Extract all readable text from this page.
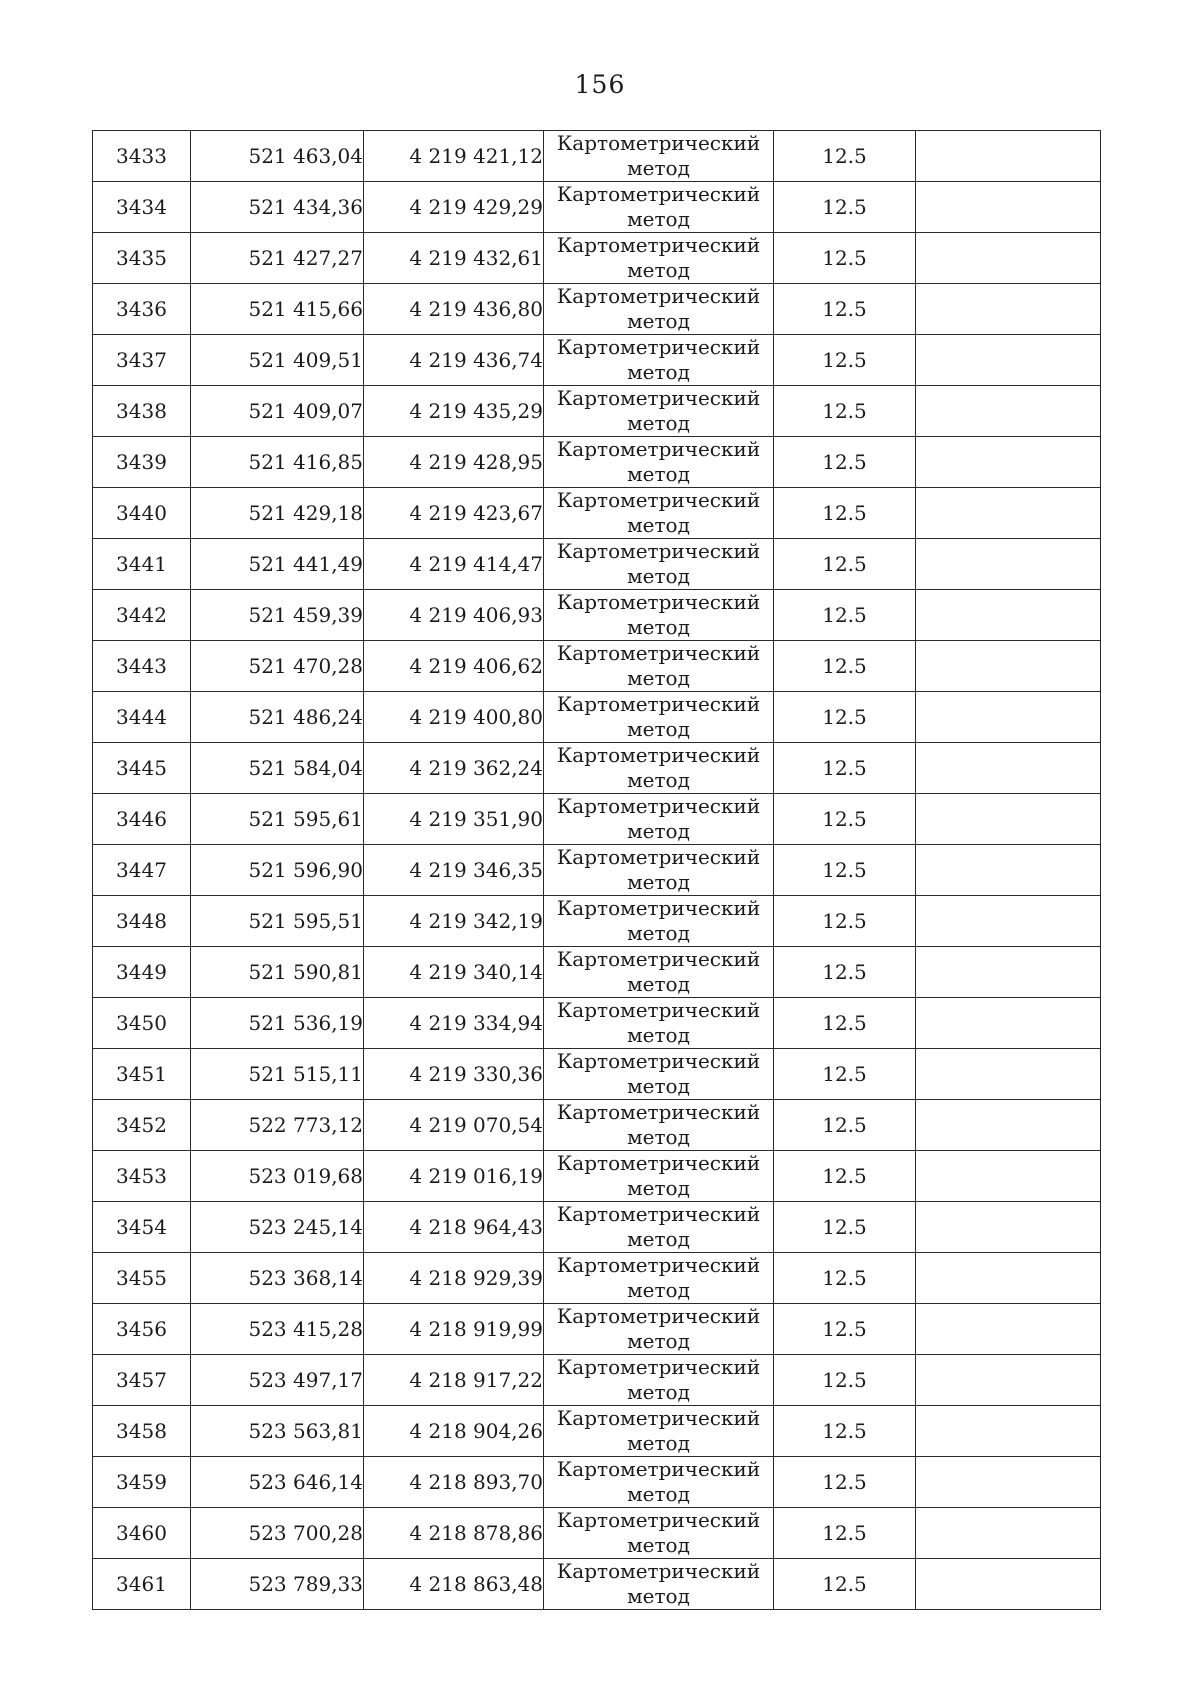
156
3433	521 463,04	4 219 421,12	Картометрический
метод	12.5	
3434	521 434,36	4 219 429,29	Картометрический
метод	12.5	
3435	521 427,27	4 219 432,61	Картометрический
метод	12.5	
3436	521 415,66	4 219 436,80	Картометрический
метод	12.5	
3437	521 409,51	4 219 436,74	Картометрический
метод	12.5	
3438	521 409,07	4 219 435,29	Картометрический
метод	12.5	
3439	521 416,85	4 219 428,95	Картометрический
метод	12.5	
3440	521 429,18	4 219 423,67	Картометрический
метод	12.5	
3441	521 441,49	4 219 414,47	Картометрический
метод	12.5	
3442	521 459,39	4 219 406,93	Картометрический
метод	12.5	
3443	521 470,28	4 219 406,62	Картометрический
метод	12.5	
3444	521 486,24	4 219 400,80	Картометрический
метод	12.5	
3445	521 584,04	4 219 362,24	Картометрический
метод	12.5	
3446	521 595,61	4 219 351,90	Картометрический
метод	12.5	
3447	521 596,90	4 219 346,35	Картометрический
метод	12.5	
3448	521 595,51	4 219 342,19	Картометрический
метод	12.5	
3449	521 590,81	4 219 340,14	Картометрический
метод	12.5	
3450	521 536,19	4 219 334,94	Картометрический
метод	12.5	
3451	521 515,11	4 219 330,36	Картометрический
метод	12.5	
3452	522 773,12	4 219 070,54	Картометрический
метод	12.5	
3453	523 019,68	4 219 016,19	Картометрический
метод	12.5	
3454	523 245,14	4 218 964,43	Картометрический
метод	12.5	
3455	523 368,14	4 218 929,39	Картометрический
метод	12.5	
3456	523 415,28	4 218 919,99	Картометрический
метод	12.5	
3457	523 497,17	4 218 917,22	Картометрический
метод	12.5	
3458	523 563,81	4 218 904,26	Картометрический
метод	12.5	
3459	523 646,14	4 218 893,70	Картометрический
метод	12.5	
3460	523 700,28	4 218 878,86	Картометрический
метод	12.5	
3461	523 789,33	4 218 863,48	Картометрический
метод	12.5	
